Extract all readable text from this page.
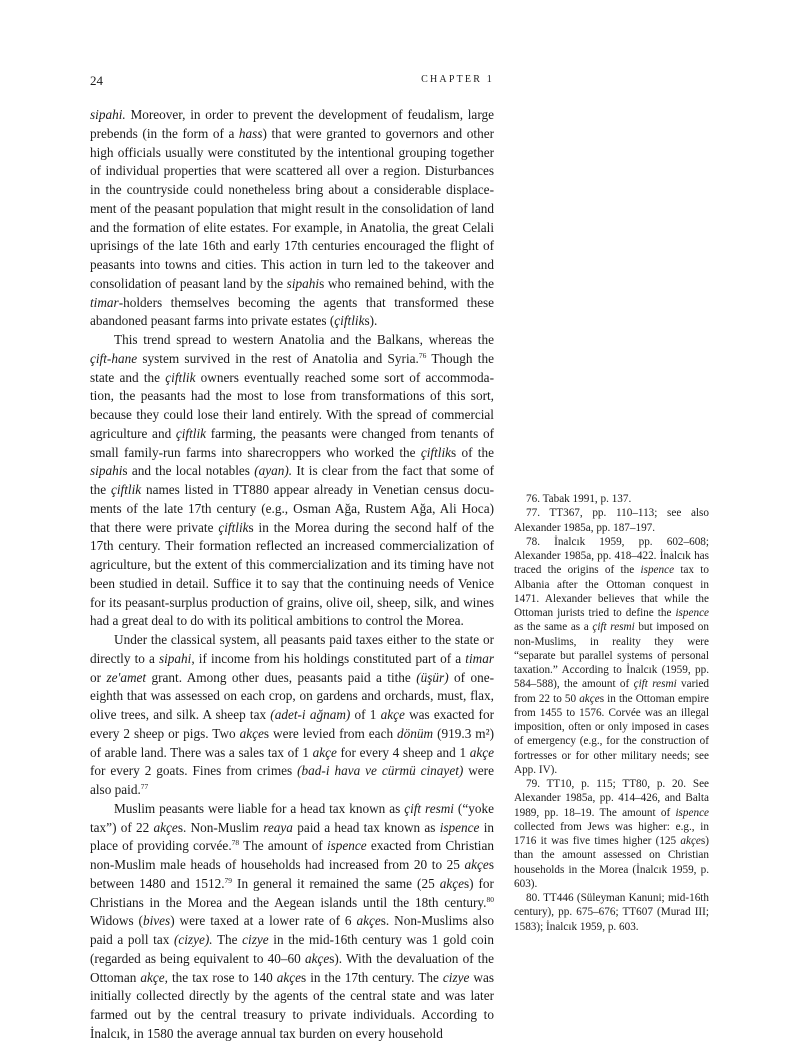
24	CHAPTER 1

sipahi. Moreover, in order to prevent the development of feudalism, large prebends (in the form of a hass) that were granted to governors and other high officials usually were constituted by the intentional grouping together of individual properties that were scattered all over a region. Disturbances in the countryside could nonetheless bring about a considerable displacement of the peasant population that might result in the consolidation of land and the formation of elite estates. For example, in Anatolia, the great Celali uprisings of the late 16th and early 17th centuries encouraged the flight of peasants into towns and cities. This action in turn led to the takeover and consolidation of peasant land by the sipahis who remained behind, with the timar-holders themselves becoming the agents that transformed these abandoned peasant farms into private estates (çiftliks).

This trend spread to western Anatolia and the Balkans, whereas the çift-hane system survived in the rest of Anatolia and Syria.$^{76}$ Though the state and the çiftlik owners eventually reached some sort of accommodation, the peasants had the most to lose from transformations of this sort, because they could lose their land entirely. With the spread of commercial agriculture and çiftlik farming, the peasants were changed from tenants of small family-run farms into sharecroppers who worked the çiftliks of the sipahis and the local notables (ayan). It is clear from the fact that some of the çiftlik names listed in TT880 appear already in Venetian census documents of the late 17th century (e.g., Osman Ağa, Rustem Ağa, Ali Hoca) that there were private çiftliks in the Morea during the second half of the 17th century. Their formation reflected an increased commercialization of agriculture, but the extent of this commercialization and its timing have not been studied in detail. Suffice it to say that the continuing needs of Venice for its peasant-surplus production of grains, olive oil, sheep, silk, and wines had a great deal to do with its political ambitions to control the Morea.

Under the classical system, all peasants paid taxes either to the state or directly to a sipahi, if income from his holdings constituted part of a timar or ze'amet grant. Among other dues, peasants paid a tithe (üşür) of one-eighth that was assessed on each crop, on gardens and orchards, must, flax, olive trees, and silk. A sheep tax (adet-i ağnam) of 1 akçe was exacted for every 2 sheep or pigs. Two akçes were levied from each dönüm (919.3 m²) of arable land. There was a sales tax of 1 akçe for every 4 sheep and 1 akçe for every 2 goats. Fines from crimes (bad-i hava ve cürmü cinayet) were also paid.$^{77}$

Muslim peasants were liable for a head tax known as çift resmi (“yoke tax”) of 22 akçes. Non-Muslim reaya paid a head tax known as ispence in place of providing corvée.$^{78}$ The amount of ispence exacted from Christian non-Muslim male heads of households had increased from 20 to 25 akçes between 1480 and 1512.79 In general it remained the same (25 akçes) for Christians in the Morea and the Aegean islands until the 18th century.$^{80}$ Widows (bives) were taxed at a lower rate of 6 akçes. Non-Muslims also paid a poll tax (cizye). The cizye in the mid-16th century was 1 gold coin (regarded as being equivalent to 40–60 akçes). With the devaluation of the Ottoman akçe, the tax rose to 140 akçes in the 17th century. The cizye was initially collected directly by the agents of the central state and was later farmed out by the central treasury to private individuals. According to İnalcık, in 1580 the average annual tax burden on every household

76. Tabak 1991, p. 137.

77. TT367, pp. 110–113; see also Alexander 1985a, pp. 187–197.

78. İnalcık 1959, pp. 602–608; Alexander 1985a, pp. 418–422. İnalcık has traced the origins of the ispence tax to Albania after the Ottoman conquest in 1471. Alexander believes that while the Ottoman jurists tried to define the ispence as the same as a çift resmi but imposed on non-Muslims, in reality they were “separate but parallel systems of personal taxation.” According to İnalcık (1959, pp. 584–588), the amount of çift resmi varied from 22 to 50 akçes in the Ottoman empire from 1455 to 1576. Corvée was an illegal imposition, often or only imposed in cases of emergency (e.g., for the construction of fortresses or for other military needs; see App. IV).

79. TT10, p. 115; TT80, p. 20. See Alexander 1985a, pp. 414–426, and Balta 1989, pp. 18–19. The amount of ispence collected from Jews was higher: e.g., in 1716 it was five times higher (125 akçes) than the amount assessed on Christian households in the Morea (İnalcık 1959, p. 603).

80. TT446 (Süleyman Kanuni; mid-16th century), pp. 675–676; TT607 (Murad III; 1583); İnalcık 1959, p. 603.
